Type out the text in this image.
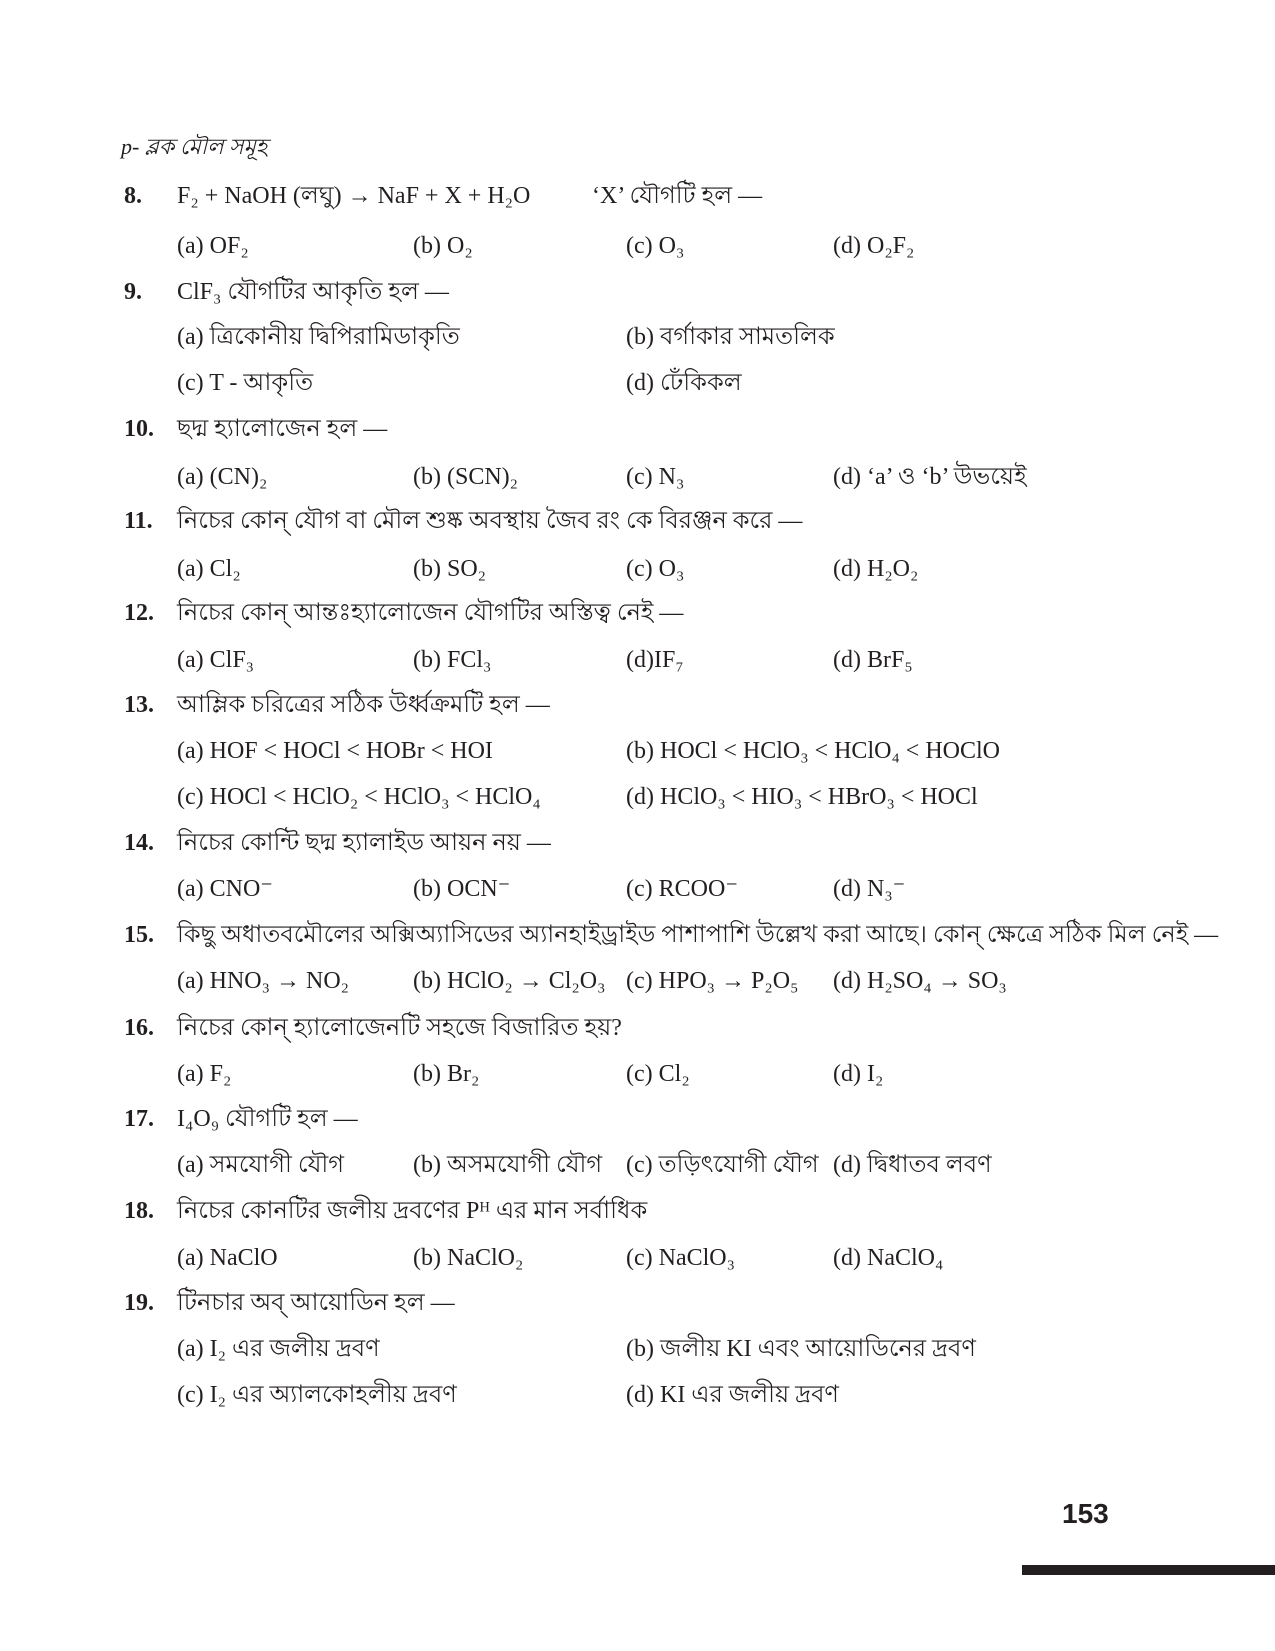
p- ব্লক মৌল সমূহ
8. F₂ + NaOH (লঘু) → NaF + X + H₂O	‘X’ যৌগটি হল —
(a) OF₂	(b) O₂	(c) O₃	(d) O₂F₂
9. ClF₃ যৌগটির আকৃতি হল —
(a) ত্রিকোনীয় দ্বিপিরামিডাকৃতি	(b) বর্গাকার সামতলিক
(c) T - আকৃতি	(d) ঢেঁকিকল
10. ছদ্ম হ্যালোজেন হল —
(a) (CN)₂	(b) (SCN)₂	(c) N₃	(d) ‘a’ ও ‘b’ উভয়েই
11. নিচের কোন্ যৌগ বা মৌল শুষ্ক অবস্থায় জৈব রং কে বিরঞ্জন করে —
(a) Cl₂	(b) SO₂	(c) O₃	(d) H₂O₂
12. নিচের কোন্ আন্তঃহ্যালোজেন যৌগটির অস্তিত্ব নেই —
(a) ClF₃	(b) FCl₃	(d)IF₇	(d) BrF₅
13. আম্লিক চরিত্রের সঠিক উর্ধ্বক্রমটি হল —
(a) HOF < HOCl < HOBr < HOI	(b) HOCl < HClO₃ < HClO₄ < HOClO
(c) HOCl < HClO₂ < HClO₃ < HClO₄	(d) HClO₃ < HIO₃ < HBrO₃ < HOCl
14. নিচের কোন্টি ছদ্ম হ্যালাইড আয়ন নয় —
(a) CNO⁻	(b) OCN⁻	(c) RCOO⁻	(d) N₃⁻
15. কিছু অধাতবমৌলের অক্সিঅ্যাসিডের অ্যানহাইড্রাইড পাশাপাশি উল্লেখ করা আছে। কোন্ ক্ষেত্রে সঠিক মিল নেই —
(a) HNO₃ → NO₂	(b) HClO₂ → Cl₂O₃ (c) HPO₃ → P₂O₅ (d) H₂SO₄ → SO₃
16. নিচের কোন্ হ্যালোজেনটি সহজে বিজারিত হয়?
(a) F₂	(b) Br₂	(c) Cl₂	(d) I₂
17. I₄O₉ যৌগটি হল —
(a) সমযোগী যৌগ	(b) অসমযোগী যৌগ (c) তড়িৎযোগী যৌগ (d) দ্বিধাতব লবণ
18. নিচের কোনটির জলীয় দ্রবণের Pᴴ এর মান সর্বাধিক
(a) NaClO	(b) NaClO₂	(c) NaClO₃	(d) NaClO₄
19. টিনচার অব্ আয়োডিন হল —
(a) I₂ এর জলীয় দ্রবণ	(b) জলীয় KI এবং আয়োডিনের দ্রবণ
(c) I₂ এর অ্যালকোহলীয় দ্রবণ	(d) KI এর জলীয় দ্রবণ
153
